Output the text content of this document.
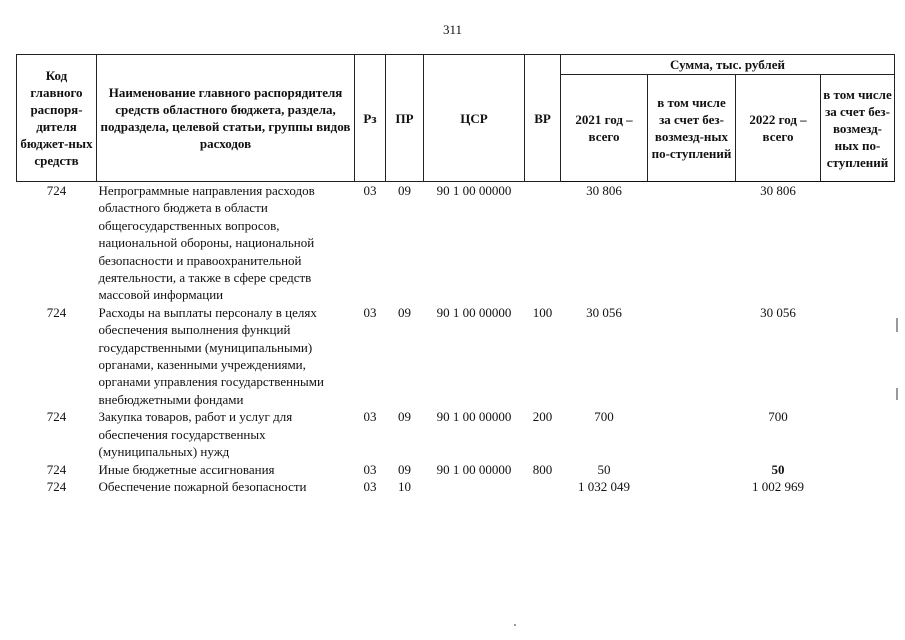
311
Код главного распоря-дителя бюджет-ных средств	Наименование главного распорядителя средств областного бюджета, раздела, подраздела, целевой статьи, группы видов расходов	Рз	ПР	ЦСР	ВР	Сумма, тыс. рублей			
						2021 год – всего	в том числе за счет без-возмезд-ных по-ступлений	2022 год – всего	в том числе за счет без-возмезд-ных по-ступлений
724	Непрограммные направления расходов областного бюджета в области общегосударственных вопросов, национальной обороны, национальной безопасности и правоохранительной деятельности, а также в сфере средств массовой информации	03	09	90 1 00 00000		30 806		30 806	
724	Расходы на выплаты персоналу в целях обеспечения выполнения функций государственными (муниципальными) органами, казенными учреждениями, органами управления государственными внебюджетными фондами	03	09	90 1 00 00000	100	30 056		30 056	
724	Закупка товаров, работ и услуг для обеспечения государственных (муниципальных) нужд	03	09	90 1 00 00000	200	700		700	
724	Иные бюджетные ассигнования	03	09	90 1 00 00000	800	50		50	
724	Обеспечение пожарной безопасности	03	10			1 032 049		1 002 969	
